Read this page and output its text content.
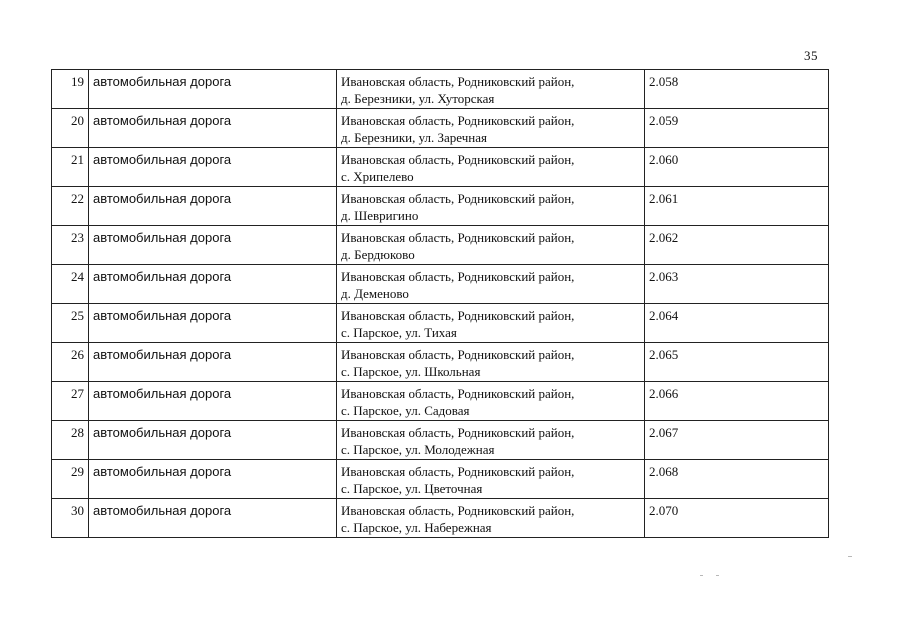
35
19	автомобильная дорога	Ивановская область, Родниковский район,
д. Березники, ул. Хуторская	2.058
20	автомобильная дорога	Ивановская область, Родниковский район,
д. Березники, ул. Заречная	2.059
21	автомобильная дорога	Ивановская область, Родниковский район,
с. Хрипелево	2.060
22	автомобильная дорога	Ивановская область, Родниковский район,
д. Шевригино	2.061
23	автомобильная дорога	Ивановская область, Родниковский район,
д. Бердюково	2.062
24	автомобильная дорога	Ивановская область, Родниковский район,
д. Деменово	2.063
25	автомобильная дорога	Ивановская область, Родниковский район,
с. Парское, ул. Тихая	2.064
26	автомобильная дорога	Ивановская область, Родниковский район,
с. Парское, ул. Школьная	2.065
27	автомобильная дорога	Ивановская область, Родниковский район,
с. Парское, ул. Садовая	2.066
28	автомобильная дорога	Ивановская область, Родниковский район,
с. Парское, ул. Молодежная	2.067
29	автомобильная дорога	Ивановская область, Родниковский район,
с. Парское, ул. Цветочная	2.068
30	автомобильная дорога	Ивановская область, Родниковский район,
с. Парское, ул. Набережная	2.070
